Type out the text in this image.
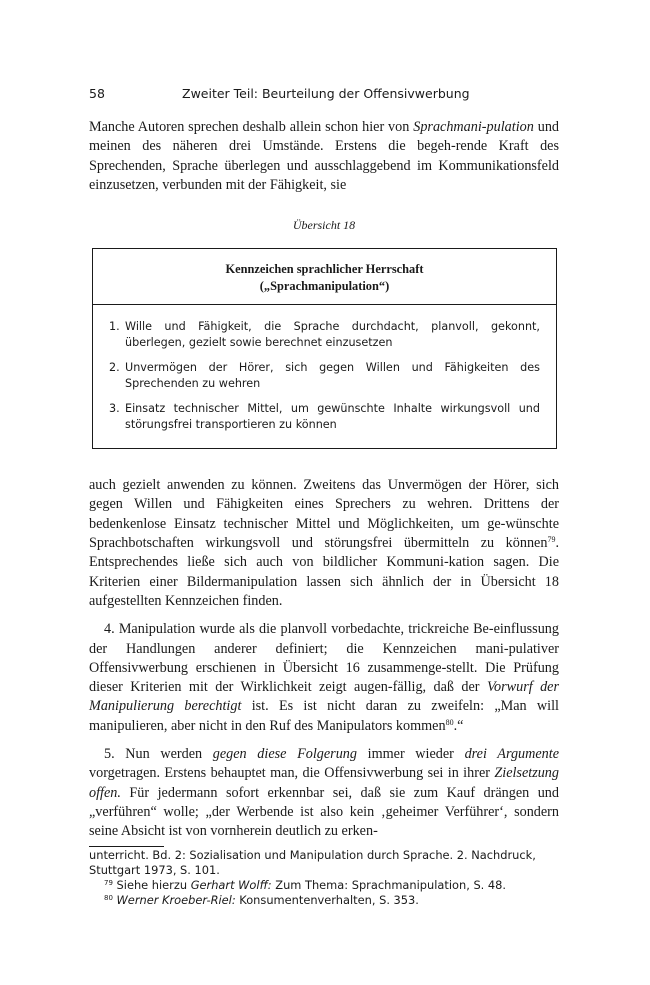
58	Zweiter Teil: Beurteilung der Offensivwerbung

Manche Autoren sprechen deshalb allein schon hier von Sprachmani-pulation und meinen des näheren drei Umstände. Erstens die begeh-rende Kraft des Sprechenden, Sprache überlegen und ausschlaggebend im Kommunikationsfeld einzusetzen, verbunden mit der Fähigkeit, sie

Übersicht 18
Kennzeichen sprachlicher Herrschaft
(„Sprachmanipulation“)
1. Wille und Fähigkeit, die Sprache durchdacht, planvoll, gekonnt, überlegen, gezielt sowie berechnet einzusetzen
2. Unvermögen der Hörer, sich gegen Willen und Fähigkeiten des Sprechenden zu wehren
3. Einsatz technischer Mittel, um gewünschte Inhalte wirkungsvoll und störungsfrei transportieren zu können

auch gezielt anwenden zu können. Zweitens das Unvermögen der Hörer, sich gegen Willen und Fähigkeiten eines Sprechers zu wehren. Drittens der bedenkenlose Einsatz technischer Mittel und Möglichkeiten, um ge-wünschte Sprachbotschaften wirkungsvoll und störungsfrei übermitteln zu können$^{79}$. Entsprechendes ließe sich auch von bildlicher Kommuni-kation sagen. Die Kriterien einer Bildermanipulation lassen sich ähnlich der in Übersicht 18 aufgestellten Kennzeichen finden.

4. Manipulation wurde als die planvoll vorbedachte, trickreiche Be-einflussung der Handlungen anderer definiert; die Kennzeichen mani-pulativer Offensivwerbung erschienen in Übersicht 16 zusammenge-stellt. Die Prüfung dieser Kriterien mit der Wirklichkeit zeigt augen-fällig, daß der Vorwurf der Manipulierung berechtigt ist. Es ist nicht daran zu zweifeln: „Man will manipulieren, aber nicht in den Ruf des Manipulators kommen$^{80}$.“

5. Nun werden gegen diese Folgerung immer wieder drei Argumente vorgetragen. Erstens behauptet man, die Offensivwerbung sei in ihrer Zielsetzung offen. Für jedermann sofort erkennbar sei, daß sie zum Kauf drängen und „verführen“ wolle; „der Werbende ist also kein ‚geheimer Verführer‘, sondern seine Absicht ist von vornherein deutlich zu erken-

unterricht. Bd. 2: Sozialisation und Manipulation durch Sprache. 2. Nachdruck, Stuttgart 1973, S. 101.

$^{79}$ Siehe hierzu Gerhart Wolff: Zum Thema: Sprachmanipulation, S. 48.

$^{80}$ Werner Kroeber-Riel: Konsumentenverhalten, S. 353.
